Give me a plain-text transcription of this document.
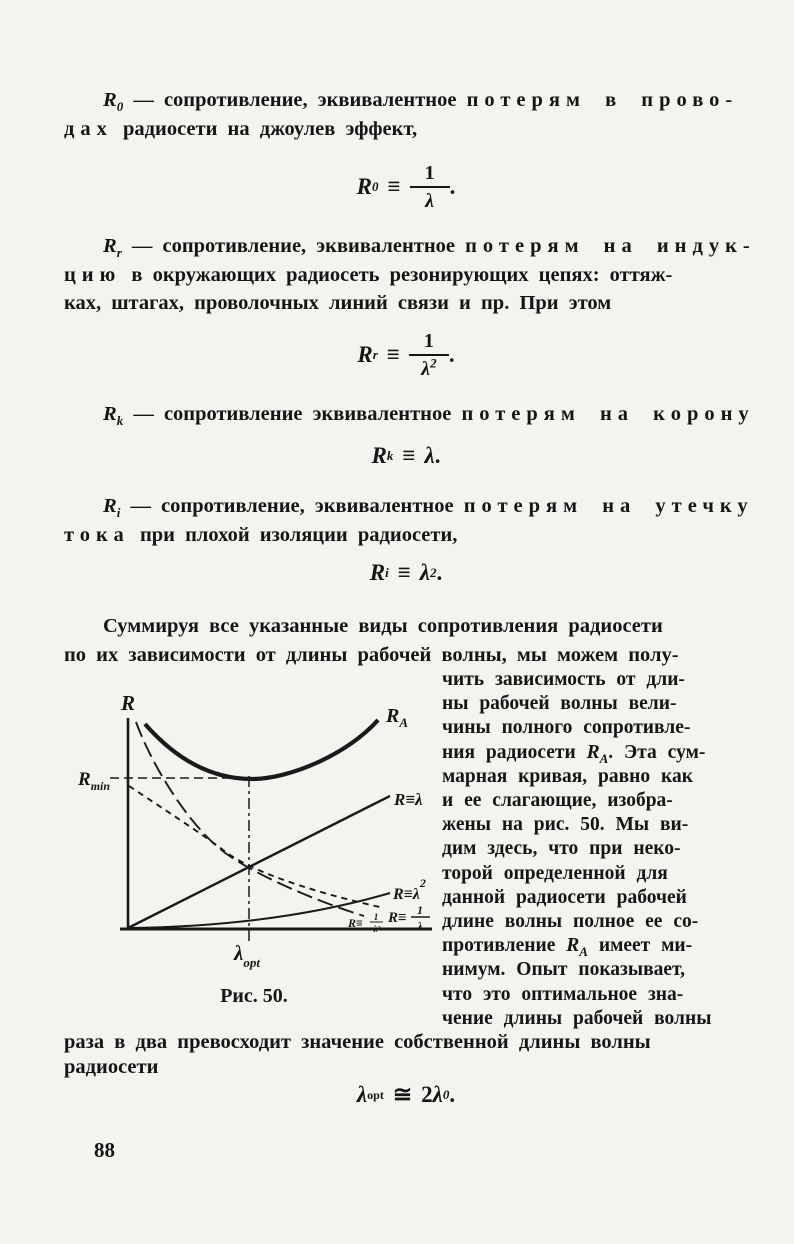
$R_0$ — сопротивление, эквивалентное потерям в прово-
дах радиосети на джоулев эффект,
R $0 \equiv \frac{1}{\lambda}$ .
$R_r$ — сопротивление, эквивалентное потерям на индук-
цию в окружающих радиосеть резонирующих цепях: оттяж-
ках, штагах, проволочных линий связи и пр. При этом
R $r \equiv \frac{1}{\lambda^2}$ .
$R_k$ — сопротивление эквивалентное потерям на корону
R k ≡ λ .
$R_i$ — сопротивление, эквивалентное потерям на утечку
тока при плохой изоляции радиосети,
R i ≡ λ 2 .
Суммируя все указанные виды сопротивления радиосети
по их зависимости от длины рабочей волны, мы можем полу-
R
$R_A$
$R_{min}$
$\lambda_{opt}$
R≡λ
$R\equiv\lambda^2$
R≡ 1
λ
R≡ 1
λ²
Рис. 50.
чить зависимость от дли-
ны рабочей волны вели-
чины полного сопротивле-
ния радиосети $R_A$. Эта сум-
марная кривая, равно как
и ее слагающие, изобра-
жены на рис. 50. Мы ви-
дим здесь, что при неко-
торой определенной для
данной радиосети рабочей
длине волны полное ее со-
противление $R_A$ имеет ми-
нимум. Опыт показывает,
что это оптимальное зна-
чение длины рабочей волны
раза в два превосходит значение собственной длины волны
радиосети
λ opt ≅ 2 λ 0 .
88
